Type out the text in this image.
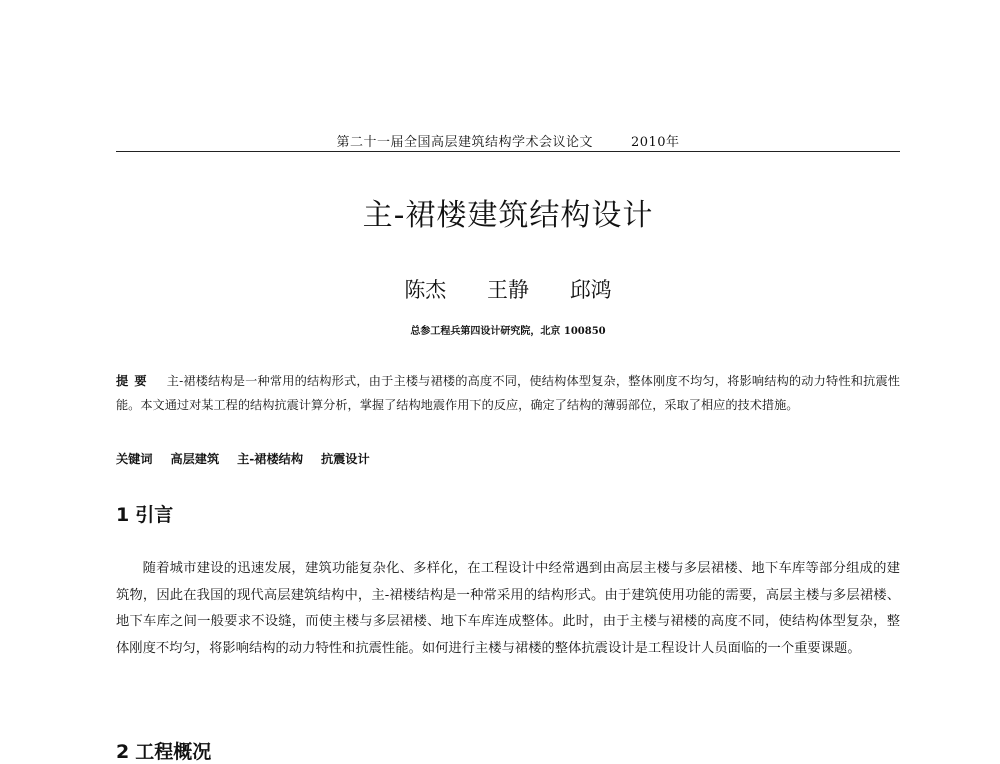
第二十一届全国高层建筑结构学术会议论文	2010年
主-裙楼建筑结构设计
陈杰 王静 邱鸿
总参工程兵第四设计研究院，北京 100850
提要 主-裙楼结构是一种常用的结构形式，由于主楼与裙楼的高度不同，使结构体型复杂，整体刚度不均匀，将影响结构的动力特性和抗震性能。本文通过对某工程的结构抗震计算分析，掌握了结构地震作用下的反应，确定了结构的薄弱部位，采取了相应的技术措施。
关键词 高层建筑 主-裙楼结构 抗震设计
1 引言
随着城市建设的迅速发展，建筑功能复杂化、多样化，在工程设计中经常遇到由高层主楼与多层裙楼、地下车库等部分组成的建筑物，因此在我国的现代高层建筑结构中，主-裙楼结构是一种常采用的结构形式。由于建筑使用功能的需要，高层主楼与多层裙楼、地下车库之间一般要求不设缝，而使主楼与多层裙楼、地下车库连成整体。此时，由于主楼与裙楼的高度不同，使结构体型复杂，整体刚度不均匀，将影响结构的动力特性和抗震性能。如何进行主楼与裙楼的整体抗震设计是工程设计人员面临的一个重要课题。
2 工程概况
